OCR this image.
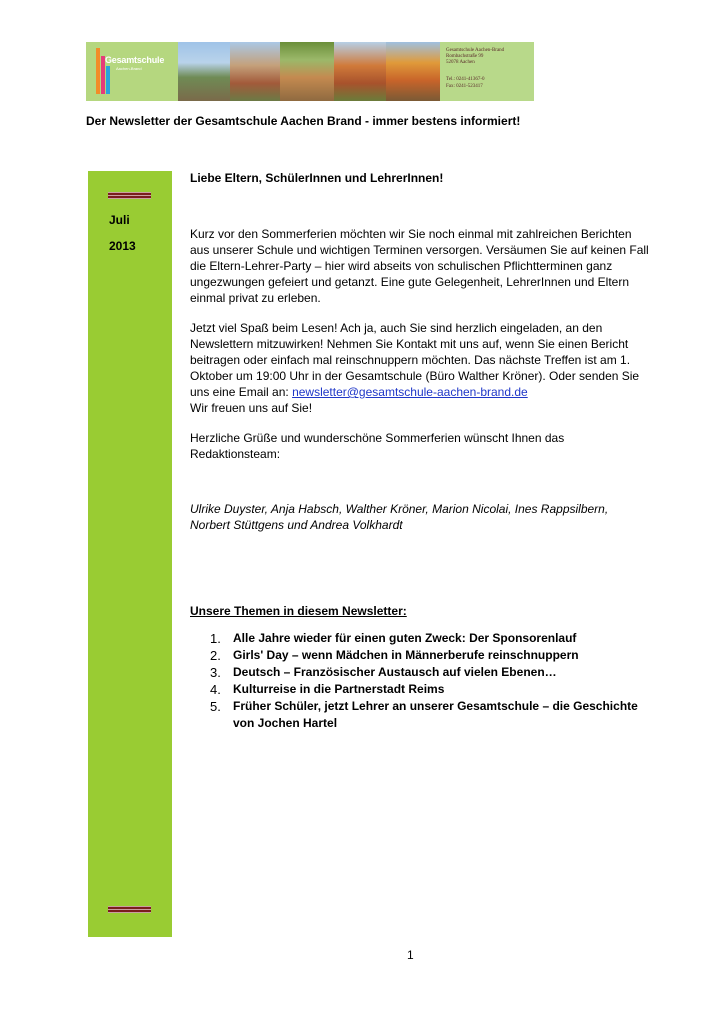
Gesamtschule
Aachen-Brand
Gesamtschule Aachen-Brand
Rombachstraße 99
52078 Aachen
Tel.: 0241-41367-0
Fax: 0241-523417
Der Newsletter der Gesamtschule Aachen Brand - immer bestens informiert!
Juli
2013
Liebe Eltern, SchülerInnen und LehrerInnen!

Kurz vor den Sommerferien möchten wir Sie noch einmal mit zahlreichen Berichten aus unserer Schule und wichtigen Terminen versorgen. Versäumen Sie auf keinen Fall die Eltern-Lehrer-Party – hier wird abseits von schulischen Pflichtterminen ganz ungezwungen gefeiert und getanzt. Eine gute Gelegenheit, LehrerInnen und Eltern einmal privat zu erleben.

Jetzt viel Spaß beim Lesen! Ach ja, auch Sie sind herzlich eingeladen, an den Newslettern mitzuwirken! Nehmen Sie Kontakt mit uns auf, wenn Sie einen Bericht beitragen oder einfach mal reinschnuppern möchten. Das nächste Treffen ist am 1. Oktober um 19:00 Uhr in der Gesamtschule (Büro Walther Kröner). Oder senden Sie uns eine Email an: newsletter@gesamtschule-aachen-brand.de

Wir freuen uns auf Sie!

Herzliche Grüße und wunderschöne Sommerferien wünscht Ihnen das Redaktionsteam:

Ulrike Duyster, Anja Habsch, Walther Kröner, Marion Nicolai, Ines Rappsilbern, Norbert Stüttgens und Andrea Volkhardt
Unsere Themen in diesem Newsletter:
1. Alle Jahre wieder für einen guten Zweck: Der Sponsorenlauf
2. Girls' Day – wenn Mädchen in Männerberufe reinschnuppern
3. Deutsch – Französischer Austausch auf vielen Ebenen…
4. Kulturreise in die Partnerstadt Reims
5. Früher Schüler, jetzt Lehrer an unserer Gesamtschule – die Geschichte von Jochen Hartel
1
